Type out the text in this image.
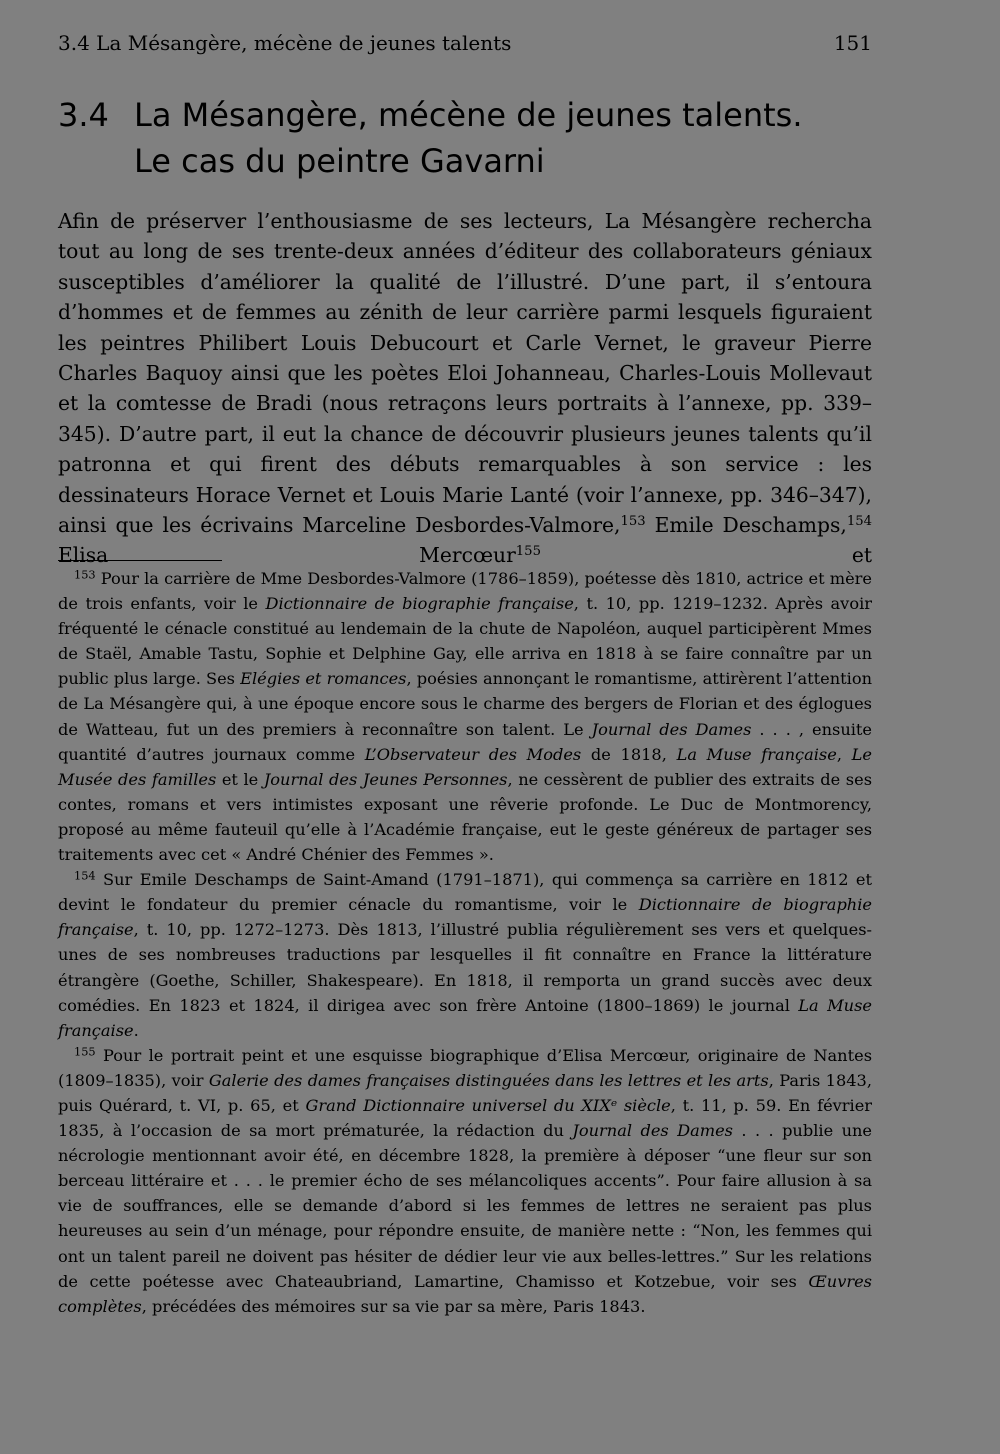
3.4 La Mésangère, mécène de jeunes talents	151
3.4 La Mésangère, mécène de jeunes talents.
Le cas du peintre Gavarni

Afin de préserver l’enthousiasme de ses lecteurs, La Mésangère rechercha tout au long de ses trente-deux années d’éditeur des collaborateurs géniaux susceptibles d’améliorer la qualité de l’illustré. D’une part, il s’entoura d’hommes et de femmes au zénith de leur carrière parmi lesquels figuraient les peintres Philibert Louis Debucourt et Carle Vernet, le graveur Pierre Charles Baquoy ainsi que les poètes Eloi Johanneau, Charles-Louis Mollevaut et la comtesse de Bradi (nous retraçons leurs portraits à l’annexe, pp. 339–345). D’autre part, il eut la chance de découvrir plusieurs jeunes talents qu’il patronna et qui firent des débuts remarquables à son service : les dessinateurs Horace Vernet et Louis Marie Lanté (voir l’annexe, pp. 346–347), ainsi que les écrivains Marceline Desbordes-Valmore,$^{153}$ Emile Deschamps,$^{154}$ Elisa Mercœur$^{155}$ et

$^{153}$ Pour la carrière de Mme Desbordes-Valmore (1786–1859), poétesse dès 1810, actrice et mère de trois enfants, voir le Dictionnaire de biographie française, t. 10, pp. 1219–1232. Après avoir fréquenté le cénacle constitué au lendemain de la chute de Napoléon, auquel participèrent Mmes de Staël, Amable Tastu, Sophie et Delphine Gay, elle arriva en 1818 à se faire connaître par un public plus large. Ses Elégies et romances, poésies annonçant le romantisme, attirèrent l’attention de La Mésangère qui, à une époque encore sous le charme des bergers de Florian et des églogues de Watteau, fut un des premiers à reconnaître son talent. Le Journal des Dames . . . , ensuite quantité d’autres journaux comme L’Observateur des Modes de 1818, La Muse française, Le Musée des familles et le Journal des Jeunes Personnes, ne cessèrent de publier des extraits de ses contes, romans et vers intimistes exposant une rêverie profonde. Le Duc de Montmorency, proposé au même fauteuil qu’elle à l’Académie française, eut le geste généreux de partager ses traitements avec cet « André Chénier des Femmes ».

$^{154}$ Sur Emile Deschamps de Saint-Amand (1791–1871), qui commença sa carrière en 1812 et devint le fondateur du premier cénacle du romantisme, voir le Dictionnaire de biographie française, t. 10, pp. 1272–1273. Dès 1813, l’illustré publia régulièrement ses vers et quelques-unes de ses nombreuses traductions par lesquelles il fit connaître en France la littérature étrangère (Goethe, Schiller, Shakespeare). En 1818, il remporta un grand succès avec deux comédies. En 1823 et 1824, il dirigea avec son frère Antoine (1800–1869) le journal La Muse française.

$^{155}$ Pour le portrait peint et une esquisse biographique d’Elisa Mercœur, originaire de Nantes (1809–1835), voir Galerie des dames françaises distinguées dans les lettres et les arts, Paris 1843, puis Quérard, t. VI, p. 65, et Grand Dictionnaire universel du XIXᵉ siècle, t. 11, p. 59. En février 1835, à l’occasion de sa mort prématurée, la rédaction du Journal des Dames . . . publie une nécrologie mentionnant avoir été, en décembre 1828, la première à déposer “une fleur sur son berceau littéraire et . . . le premier écho de ses mélancoliques accents”. Pour faire allusion à sa vie de souffrances, elle se demande d’abord si les femmes de lettres ne seraient pas plus heureuses au sein d’un ménage, pour répondre ensuite, de manière nette : “Non, les femmes qui ont un talent pareil ne doivent pas hésiter de dédier leur vie aux belles-lettres.” Sur les relations de cette poétesse avec Chateaubriand, Lamartine, Chamisso et Kotzebue, voir ses Œuvres complètes, précédées des mémoires sur sa vie par sa mère, Paris 1843.
